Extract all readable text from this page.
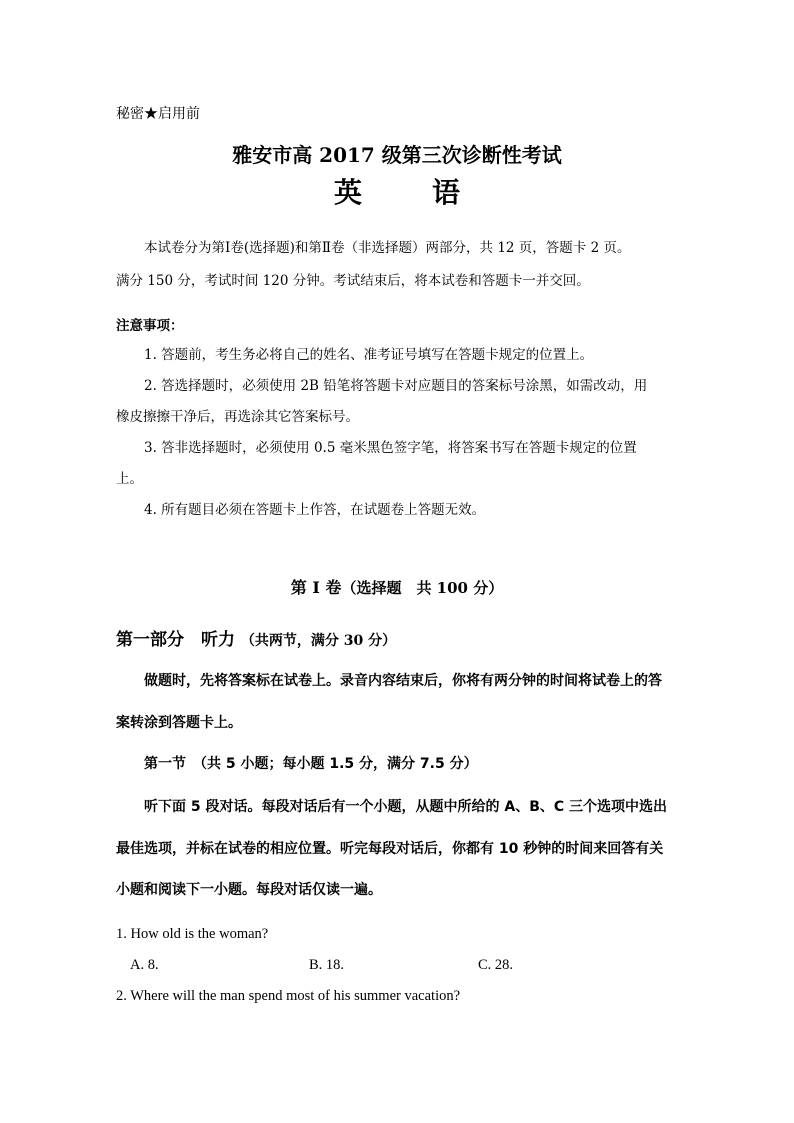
秘密★启用前
雅安市高 2017 级第三次诊断性考试
英	语
本试卷分为第Ⅰ卷(选择题)和第Ⅱ卷（非选择题）两部分，共 12 页，答题卡 2 页。
满分 150 分，考试时间 120 分钟。考试结束后，将本试卷和答题卡一并交回。
注意事项：
1. 答题前，考生务必将自己的姓名、准考证号填写在答题卡规定的位置上。
2. 答选择题时，必须使用 2B 铅笔将答题卡对应题目的答案标号涂黑，如需改动，用
橡皮擦擦干净后，再选涂其它答案标号。
3. 答非选择题时，必须使用 0.5 毫米黑色签字笔，将答案书写在答题卡规定的位置
上。
4. 所有题目必须在答题卡上作答，在试题卷上答题无效。
第 Ⅰ 卷（选择题　共 100 分）
第一部分　听力 （共两节，满分 30 分）
做题时，先将答案标在试卷上。录音内容结束后，你将有两分钟的时间将试卷上的答
案转涂到答题卡上。
第一节　（共 5 小题；每小题 1.5 分，满分 7.5 分）
听下面 5 段对话。每段对话后有一个小题，从题中所给的 A、B、C 三个选项中选出
最佳选项，并标在试卷的相应位置。听完每段对话后，你都有 10 秒钟的时间来回答有关
小题和阅读下一小题。每段对话仅读一遍。
1. How old is the woman?
A. 8.	B. 18.	C. 28.
2. Where will the man spend most of his summer vacation?
